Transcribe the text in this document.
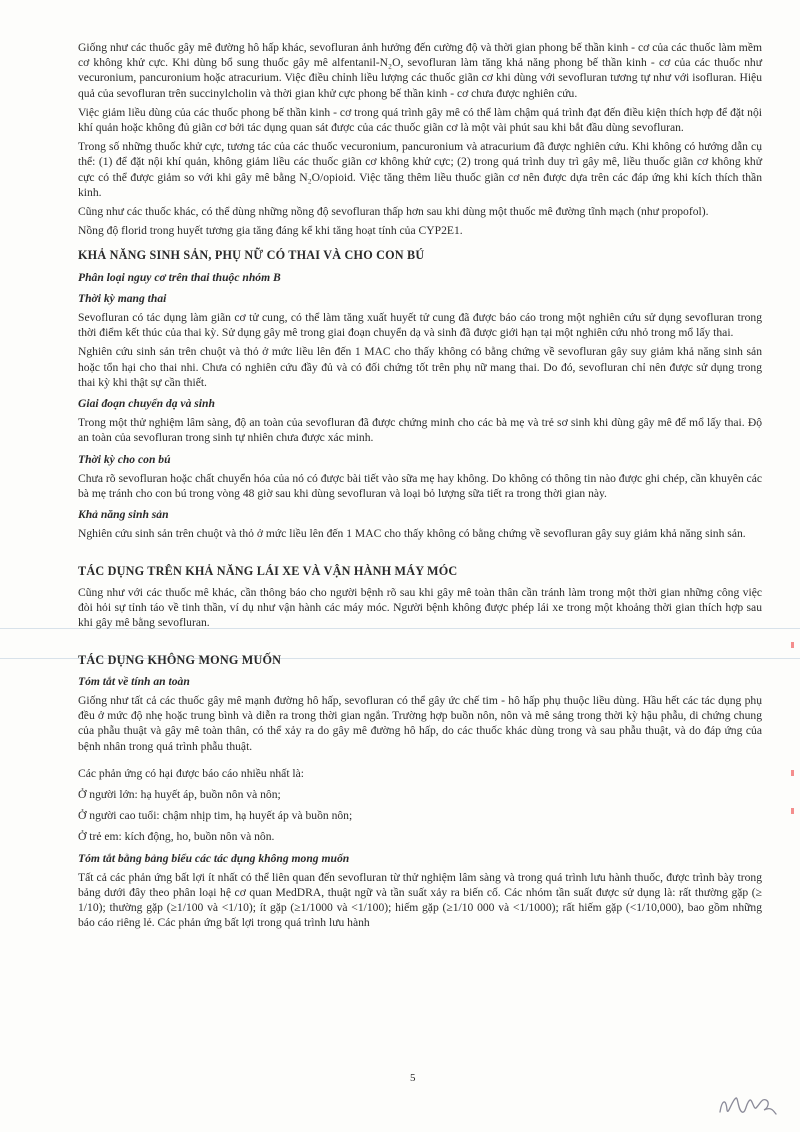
Giống như các thuốc gây mê đường hô hấp khác, sevofluran ảnh hưởng đến cường độ và thời gian phong bế thần kinh - cơ của các thuốc làm mềm cơ không khử cực. Khi dùng bổ sung thuốc gây mê alfentanil-N₂O, sevofluran làm tăng khả năng phong bế thần kinh - cơ của các thuốc như vecuronium, pancuronium hoặc atracurium. Việc điều chỉnh liều lượng các thuốc giãn cơ khi dùng với sevofluran tương tự như với isofluran. Hiệu quả của sevofluran trên succinylcholin và thời gian khử cực phong bế thần kinh - cơ chưa được nghiên cứu.

Việc giảm liều dùng của các thuốc phong bế thần kinh - cơ trong quá trình gây mê có thể làm chậm quá trình đạt đến điều kiện thích hợp để đặt nội khí quản hoặc không đủ giãn cơ bởi tác dụng quan sát được của các thuốc giãn cơ là một vài phút sau khi bắt đầu dùng sevofluran.

Trong số những thuốc khử cực, tương tác của các thuốc vecuronium, pancuronium và atracurium đã được nghiên cứu. Khi không có hướng dẫn cụ thể: (1) để đặt nội khí quản, không giảm liều các thuốc giãn cơ không khử cực; (2) trong quá trình duy trì gây mê, liều thuốc giãn cơ không khử cực có thể được giảm so với khi gây mê bằng N₂O/opioid. Việc tăng thêm liều thuốc giãn cơ nên được dựa trên các đáp ứng khi kích thích thần kinh.

Cũng như các thuốc khác, có thể dùng những nồng độ sevofluran thấp hơn sau khi dùng một thuốc mê đường tĩnh mạch (như propofol).

Nồng độ florid trong huyết tương gia tăng đáng kể khi tăng hoạt tính của CYP2E1.

KHẢ NĂNG SINH SẢN, PHỤ NỮ CÓ THAI VÀ CHO CON BÚ
Phân loại nguy cơ trên thai thuộc nhóm B
Thời kỳ mang thai

Sevofluran có tác dụng làm giãn cơ tử cung, có thể làm tăng xuất huyết tử cung đã được báo cáo trong một nghiên cứu sử dụng sevofluran trong thời điểm kết thúc của thai kỳ. Sử dụng gây mê trong giai đoạn chuyển dạ và sinh đã được giới hạn tại một nghiên cứu nhỏ trong mổ lấy thai.

Nghiên cứu sinh sản trên chuột và thỏ ở mức liều lên đến 1 MAC cho thấy không có bằng chứng về sevofluran gây suy giảm khả năng sinh sản hoặc tổn hại cho thai nhi. Chưa có nghiên cứu đầy đủ và có đối chứng tốt trên phụ nữ mang thai. Do đó, sevofluran chỉ nên được sử dụng trong thai kỳ khi thật sự cần thiết.

Giai đoạn chuyển dạ và sinh

Trong một thử nghiệm lâm sàng, độ an toàn của sevofluran đã được chứng minh cho các bà mẹ và trẻ sơ sinh khi dùng gây mê để mổ lấy thai. Độ an toàn của sevofluran trong sinh tự nhiên chưa được xác minh.

Thời kỳ cho con bú

Chưa rõ sevofluran hoặc chất chuyển hóa của nó có được bài tiết vào sữa mẹ hay không. Do không có thông tin nào được ghi chép, cần khuyên các bà mẹ tránh cho con bú trong vòng 48 giờ sau khi dùng sevofluran và loại bỏ lượng sữa tiết ra trong thời gian này.

Khả năng sinh sản

Nghiên cứu sinh sản trên chuột và thỏ ở mức liều lên đến 1 MAC cho thấy không có bằng chứng về sevofluran gây suy giảm khả năng sinh sản.

TÁC DỤNG TRÊN KHẢ NĂNG LÁI XE VÀ VẬN HÀNH MÁY MÓC

Cũng như với các thuốc mê khác, cần thông báo cho người bệnh rõ sau khi gây mê toàn thân cần tránh làm trong một thời gian những công việc đòi hỏi sự tỉnh táo về tinh thần, ví dụ như vận hành các máy móc. Người bệnh không được phép lái xe trong một khoảng thời gian thích hợp sau khi gây mê bằng sevofluran.

TÁC DỤNG KHÔNG MONG MUỐN
Tóm tắt về tính an toàn

Giống như tất cả các thuốc gây mê mạnh đường hô hấp, sevofluran có thể gây ức chế tim - hô hấp phụ thuộc liều dùng. Hầu hết các tác dụng phụ đều ở mức độ nhẹ hoặc trung bình và diễn ra trong thời gian ngắn. Trường hợp buồn nôn, nôn và mê sảng trong thời kỳ hậu phẫu, di chứng chung của phẫu thuật và gây mê toàn thân, có thể xảy ra do gây mê đường hô hấp, do các thuốc khác dùng trong và sau phẫu thuật, và do đáp ứng của bệnh nhân trong quá trình phẫu thuật.

Các phản ứng có hại được báo cáo nhiều nhất là:

Ở người lớn: hạ huyết áp, buồn nôn và nôn;

Ở người cao tuổi: chậm nhịp tim, hạ huyết áp và buồn nôn;

Ở trẻ em: kích động, ho, buồn nôn và nôn.

Tóm tắt bằng bảng biểu các tác dụng không mong muốn

Tất cả các phản ứng bất lợi ít nhất có thể liên quan đến sevofluran từ thử nghiệm lâm sàng và trong quá trình lưu hành thuốc, được trình bày trong bảng dưới đây theo phân loại hệ cơ quan MedDRA, thuật ngữ và tần suất xảy ra biến cố. Các nhóm tần suất được sử dụng là: rất thường gặp (≥ 1/10); thường gặp (≥1/100 và <1/10); ít gặp (≥1/1000 và <1/100); hiếm gặp (≥1/10 000 và <1/1000); rất hiếm gặp (<1/10,000), bao gồm những báo cáo riêng lẻ. Các phản ứng bất lợi trong quá trình lưu hành

5
